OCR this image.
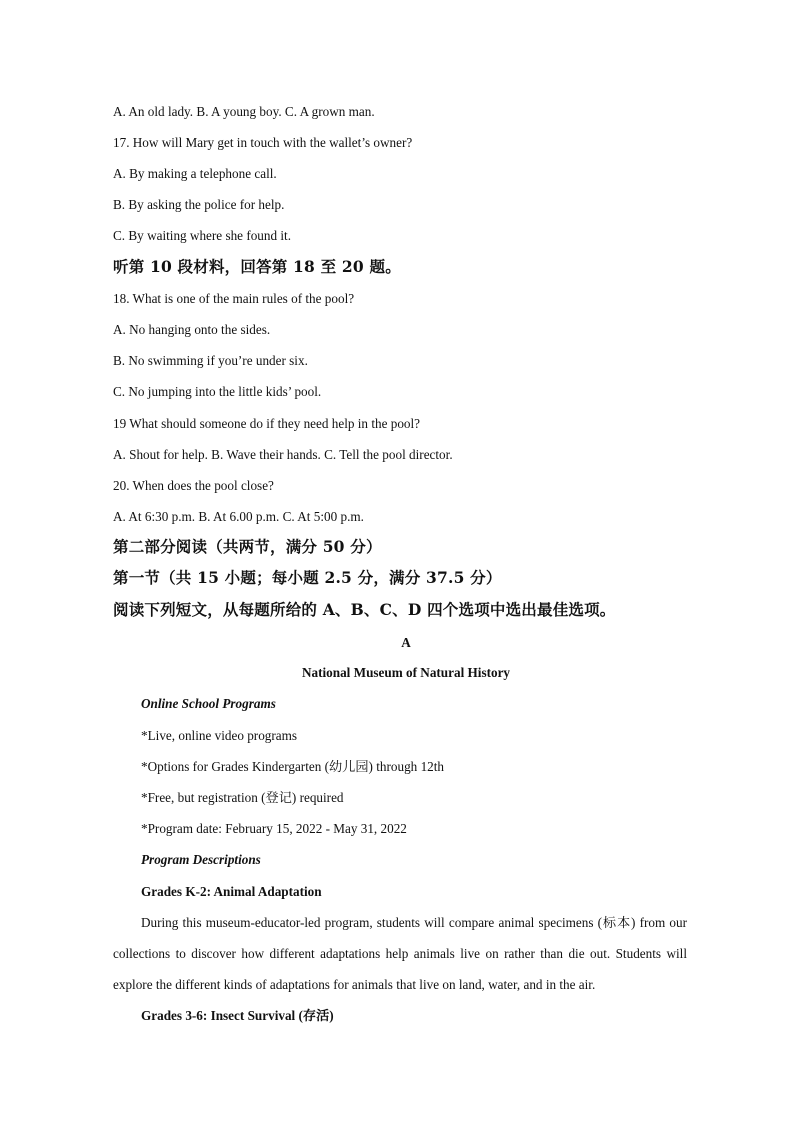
A. An old lady. B. A young boy. C. A grown man.
17. How will Mary get in touch with the wallet’s owner?
A. By making a telephone call.
B. By asking the police for help.
C. By waiting where she found it.
听第 10 段材料，回答第 18 至 20 题。
18. What is one of the main rules of the pool?
A. No hanging onto the sides.
B. No swimming if you’re under six.
C. No jumping into the little kids’ pool.
19 What should someone do if they need help in the pool?
A. Shout for help. B. Wave their hands. C. Tell the pool director.
20. When does the pool close?
A. At 6:30 p.m. B. At 6.00 p.m. C. At 5:00 p.m.
第二部分阅读（共两节，满分 50 分）
第一节（共 15 小题；每小题 2.5 分，满分 37.5 分）
阅读下列短文，从每题所给的 A、B、C、D 四个选项中选出最佳选项。
A
National Museum of Natural History
Online School Programs
*Live, online video programs
*Options for Grades Kindergarten (幼儿园) through 12th
*Free, but registration (登记) required
*Program date: February 15, 2022 - May 31, 2022
Program Descriptions
Grades K-2: Animal Adaptation
During this museum-educator-led program, students will compare animal specimens (标本) from our collections to discover how different adaptations help animals live on rather than die out. Students will explore the different kinds of adaptations for animals that live on land, water, and in the air.
Grades 3-6: Insect Survival (存活)
